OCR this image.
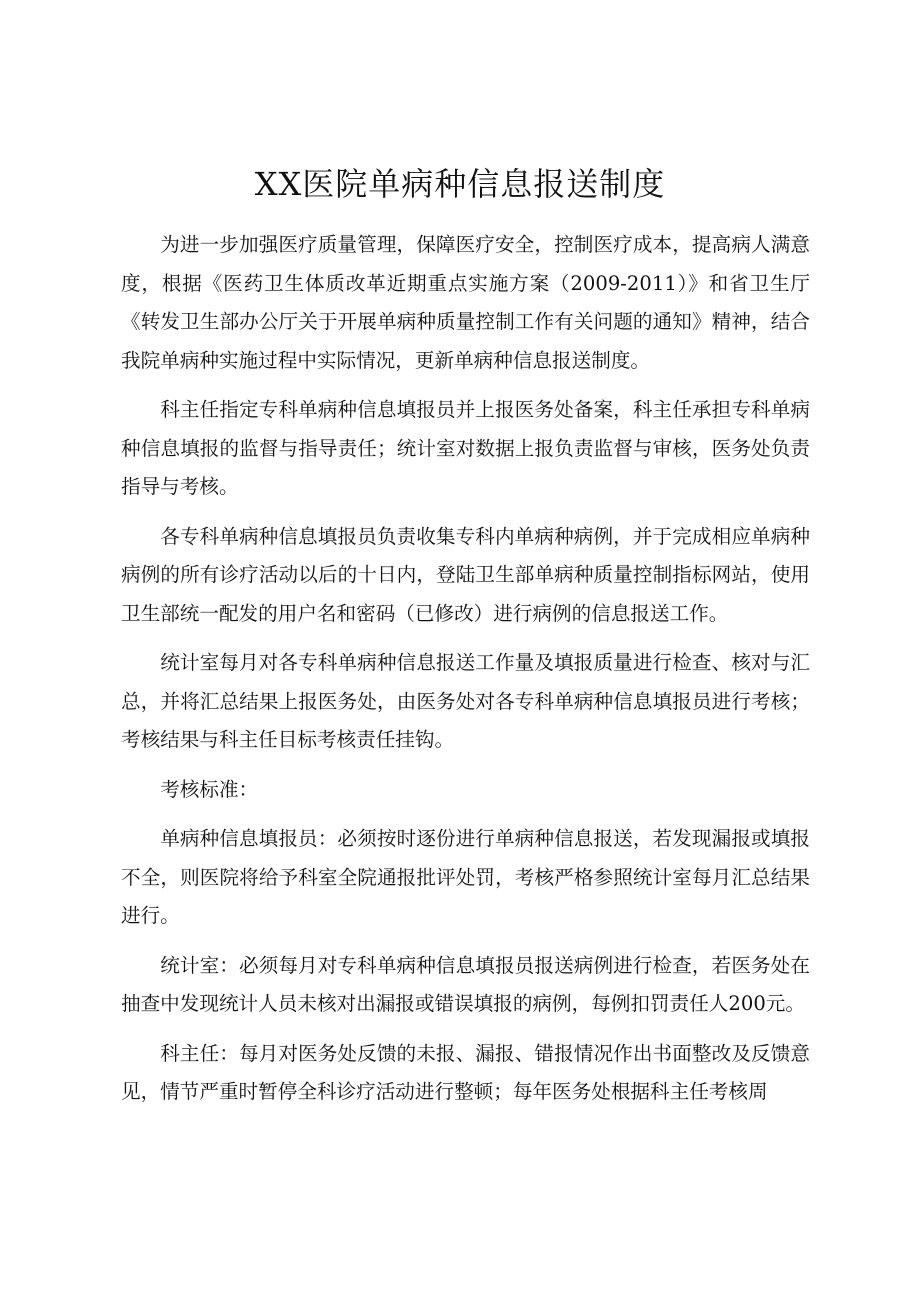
XX医院单病种信息报送制度

为进一步加强医疗质量管理，保障医疗安全，控制医疗成本，提高病人满意度，根据《医药卫生体质改革近期重点实施方案（2009-2011）》和省卫生厅《转发卫生部办公厅关于开展单病种质量控制工作有关问题的通知》精神，结合我院单病种实施过程中实际情况，更新单病种信息报送制度。

科主任指定专科单病种信息填报员并上报医务处备案，科主任承担专科单病种信息填报的监督与指导责任；统计室对数据上报负责监督与审核，医务处负责指导与考核。

各专科单病种信息填报员负责收集专科内单病种病例，并于完成相应单病种病例的所有诊疗活动以后的十日内，登陆卫生部单病种质量控制指标网站，使用卫生部统一配发的用户名和密码（已修改）进行病例的信息报送工作。

统计室每月对各专科单病种信息报送工作量及填报质量进行检查、核对与汇总，并将汇总结果上报医务处，由医务处对各专科单病种信息填报员进行考核；考核结果与科主任目标考核责任挂钩。

考核标准：

单病种信息填报员：必须按时逐份进行单病种信息报送，若发现漏报或填报不全，则医院将给予科室全院通报批评处罚，考核严格参照统计室每月汇总结果进行。

统计室：必须每月对专科单病种信息填报员报送病例进行检查，若医务处在抽查中发现统计人员未核对出漏报或错误填报的病例，每例扣罚责任人200元。

科主任：每月对医务处反馈的未报、漏报、错报情况作出书面整改及反馈意见，情节严重时暂停全科诊疗活动进行整顿；每年医务处根据科主任考核周
